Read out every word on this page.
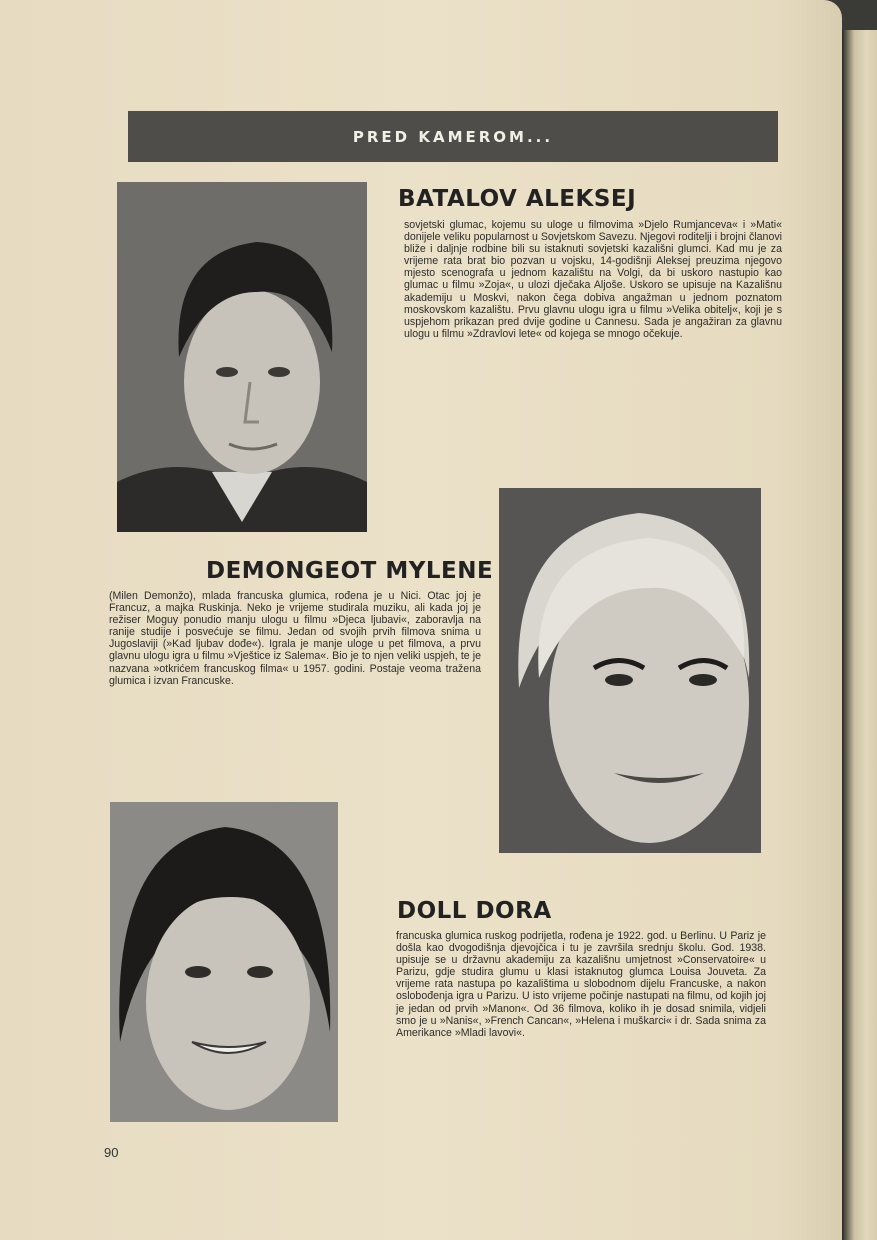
PRED KAMEROM...
BATALOV ALEKSEJ

sovjetski glumac, kojemu su uloge u filmovima »Djelo Rumjanceva« i »Mati« donijele veliku popularnost u Sovjetskom Savezu. Njegovi roditelji i brojni članovi bliže i daljnje rodbine bili su istaknuti sovjetski kazališni glumci. Kad mu je za vrijeme rata brat bio pozvan u vojsku, 14-godišnji Aleksej preuzima njegovo mjesto scenografa u jednom kazalištu na Volgi, da bi uskoro nastupio kao glumac u filmu »Zoja«, u ulozi dječaka Aljoše. Uskoro se upisuje na Kazališnu akademiju u Moskvi, nakon čega dobiva angažman u jednom poznatom moskovskom kazalištu. Prvu glavnu ulogu igra u filmu »Velika obitelj«, koji je s uspjehom prikazan pred dvije godine u Cannesu. Sada je angažiran za glavnu ulogu u filmu »Zdravlovi lete« od kojega se mnogo očekuje.

DEMONGEOT MYLENE

(Milen Demonžo), mlada francuska glumica, rođena je u Nici. Otac joj je Francuz, a majka Ruskinja. Neko je vrijeme studirala muziku, ali kada joj je režiser Moguy ponudio manju ulogu u filmu »Djeca ljubavi«, zaboravlja na ranije studije i posvećuje se filmu. Jedan od svojih prvih filmova snima u Jugoslaviji (»Kad ljubav dođe«). Igrala je manje uloge u pet filmova, a prvu glavnu ulogu igra u filmu »Vještice iz Salema«. Bio je to njen veliki uspjeh, te je nazvana »otkrićem francuskog filma« u 1957. godini. Postaje veoma tražena glumica i izvan Francuske.

DOLL DORA

francuska glumica ruskog podrijetla, rođena je 1922. god. u Berlinu. U Pariz je došla kao dvogodišnja djevojčica i tu je završila srednju školu. God. 1938. upisuje se u državnu akademiju za kazališnu umjetnost »Conservatoire« u Parizu, gdje studira glumu u klasi istaknutog glumca Louisa Jouveta. Za vrijeme rata nastupa po kazalištima u slobodnom dijelu Francuske, a nakon oslobođenja igra u Parizu. U isto vrijeme počinje nastupati na filmu, od kojih joj je jedan od prvih »Manon«. Od 36 filmova, koliko ih je dosad snimila, vidjeli smo je u »Nanis«, »French Cancan«, »Helena i muškarci« i dr. Sada snima za Amerikance »Mladi lavovi«.

90
